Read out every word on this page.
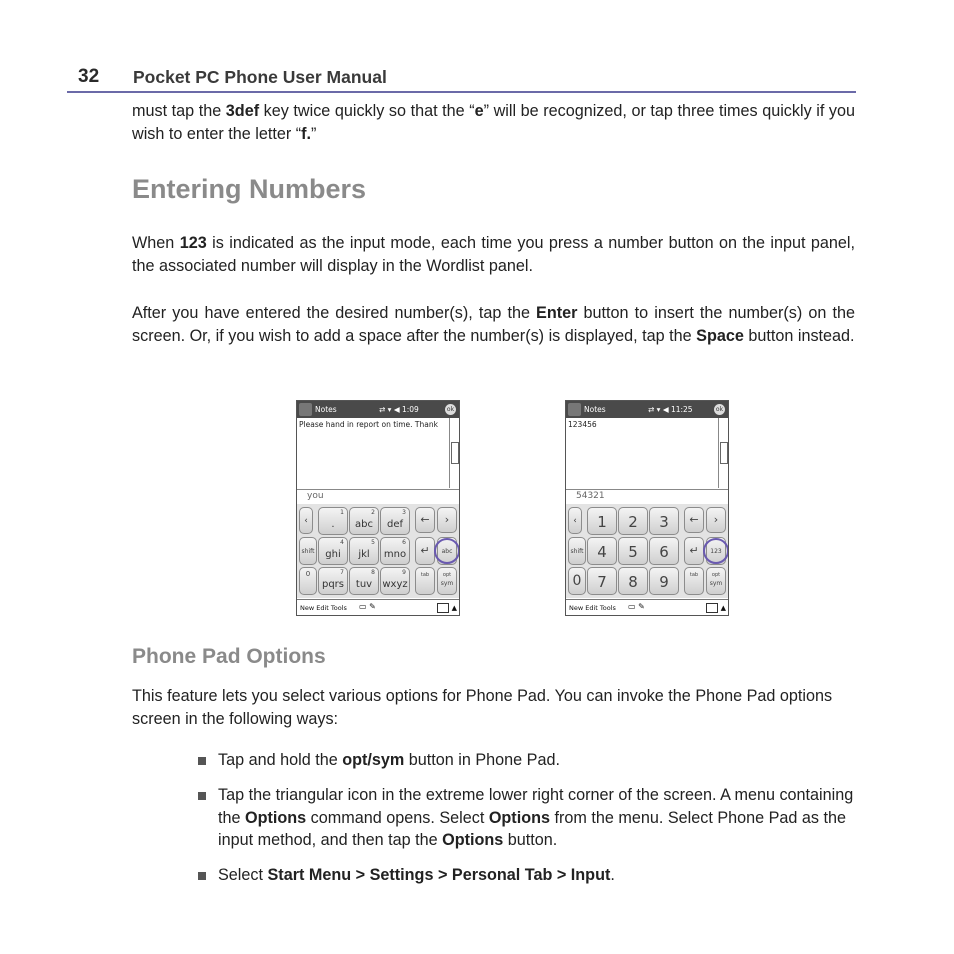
32 Pocket PC Phone User Manual
must tap the 3def key twice quickly so that the “e” will be recognized, or tap three times quickly if you wish to enter the letter “f.”
Entering Numbers
When 123 is indicated as the input mode, each time you press a number button on the input panel, the associated number will display in the Wordlist panel.
After you have entered the desired number(s), tap the Enter button to insert the number(s) on the screen. Or, if you wish to add a space after the number(s) is displayed, tap the Space button instead.
Notes	⇄ ▾ ◀ 1:09	ok
Please hand in report on time. Thank
you
‹
shift
0
1
.
2
abc
3
def
4
ghi
5
jkl
6
mno
7
pqrs
8
tuv
9
wxyz
←	›
↵	abc
tab	opt
sym
New Edit Tools ▭ ✎	▲
Notes	⇄ ▾ ◀ 11:25	ok
123456
54321
‹
shift
0
1	2	3
4	5	6
7	8	9
←	›
↵	123
tab	opt
sym
New Edit Tools ▭ ✎	▲
Phone Pad Options
This feature lets you select various options for Phone Pad. You can invoke the Phone Pad options screen in the following ways:
Tap and hold the opt/sym button in Phone Pad.
Tap the triangular icon in the extreme lower right corner of the screen. A menu containing the Options command opens. Select Options from the menu. Select Phone Pad as the input method, and then tap the Options button.
Select Start Menu > Settings > Personal Tab > Input.
